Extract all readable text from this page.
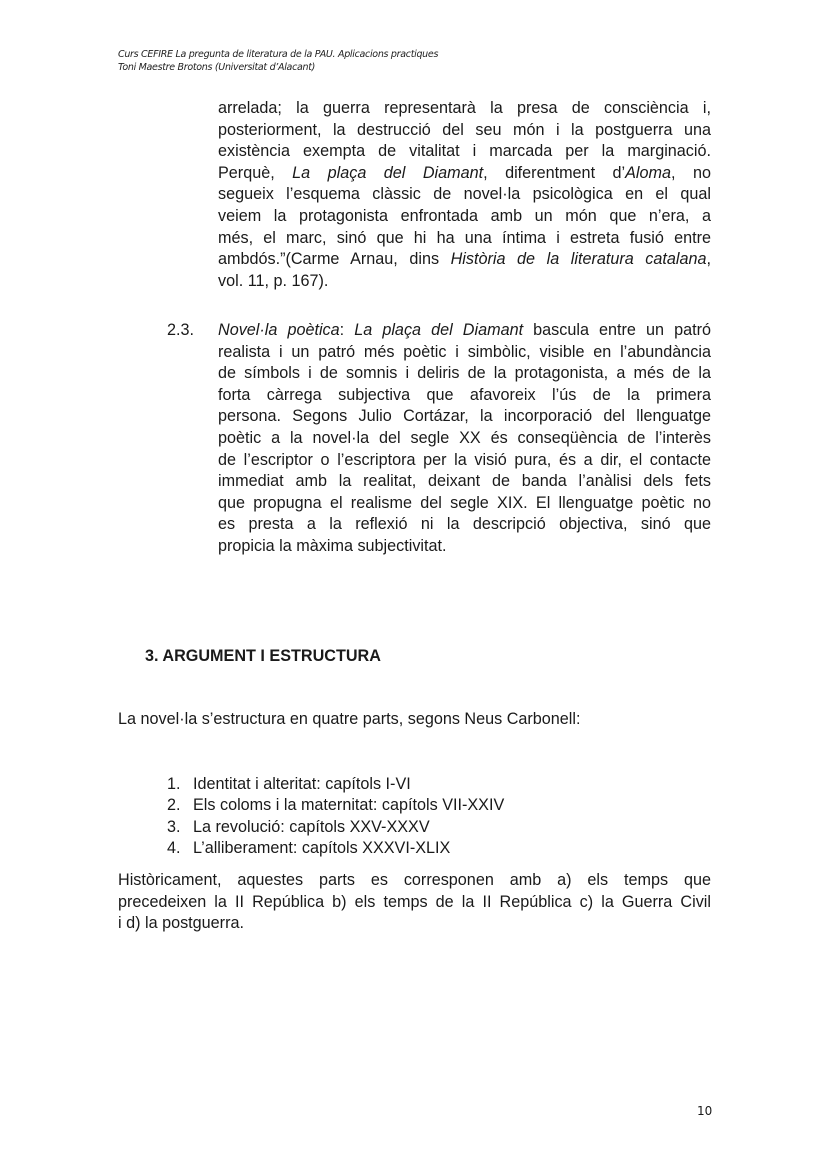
Curs CEFIRE La pregunta de literatura de la PAU. Aplicacions practiques
Toni Maestre Brotons (Universitat d’Alacant)
arrelada; la guerra representarà la presa de consciència i,
posteriorment, la destrucció del seu món i la postguerra una
existència exempta de vitalitat i marcada per la marginació.
Perquè, La plaça del Diamant, diferentment d’Aloma, no
segueix l’esquema clàssic de novel·la psicològica en el qual
veiem la protagonista enfrontada amb un món que n’era, a
més, el marc, sinó que hi ha una íntima i estreta fusió entre
ambdós.”(Carme Arnau, dins Història de la literatura catalana,
vol. 11, p. 167).
2.3. Novel·la poètica: La plaça del Diamant bascula entre un patró
realista i un patró més poètic i simbòlic, visible en l’abundància
de símbols i de somnis i deliris de la protagonista, a més de la
forta càrrega subjectiva que afavoreix l’ús de la primera
persona. Segons Julio Cortázar, la incorporació del llenguatge
poètic a la novel·la del segle XX és conseqüència de l’interès
de l’escriptor o l’escriptora per la visió pura, és a dir, el contacte
immediat amb la realitat, deixant de banda l’anàlisi dels fets
que propugna el realisme del segle XIX. El llenguatge poètic no
es presta a la reflexió ni la descripció objectiva, sinó que
propicia la màxima subjectivitat.
3. ARGUMENT I ESTRUCTURA
La novel·la s’estructura en quatre parts, segons Neus Carbonell:
1. Identitat i alteritat: capítols I-VI
2. Els coloms i la maternitat: capítols VII-XXIV
3. La revolució: capítols XXV-XXXV
4. L’alliberament: capítols XXXVI-XLIX
Històricament, aquestes parts es corresponen amb a) els temps que
precedeixen la II República b) els temps de la II República c) la Guerra Civil
i d) la postguerra.
10
